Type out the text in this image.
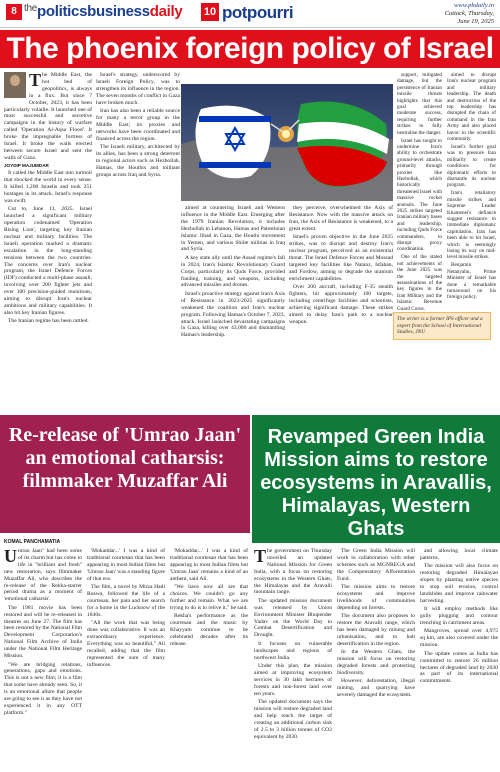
8 $^{the}$politicsbusinessdaily 10 potpourri	www.pbdaily.in
Cuttack, Thursday,
June 19, 2025
The phoenix foreign policy of Israel
T he Middle East, the hot bed of geopolitics, is always in a flux. But since 7 October, 2023, it has been particularly volatile. It launched one of most successful and secretive campaigns in the history of warfare called 'Operation Al-Aqsa Flood'. It broke the impregnable fortress of Israel. It broke the walls erected between secure Israel and sent the walls of Gaza.

JOYDIP MAJUMDAR

It called the Middle East into turmoil that shocked the world in every sense. It killed 1,200 Israelis and took 251 hostages in its attack. Israel's response was swift.

Cut to, June 13, 2025. Israel launched a significant military operation codenamed 'Operation Rising Lion', targeting key Iranian nuclear and military facilities. The Israeli operation marked a dramatic escalation in the long-standing tensions between the two countries. The concerns over Iran's nuclear program, the Israel Defence Forces (IDF) conducted a multi-phase assault, involving over 200 fighter jets and over 100 precision-guided munitions, aiming to disrupt Iran's nuclear ambitions and military capabilities. It also hit key Iranian figures.

The Iranian regime has been rattled.

Israel's strategy, underscored by Israeli Foreign Policy, was to strengthen its influence in the region. The seven months of conflict in Gaza have broken much.

Iran has also been a reliable source for many a terror group in the Middle East; its proxies and networks have been coordinated and financed across the region.

The Israeli military, architected by its allies, has been a strong deterrent to regional actors such as Hezbollah, Hamas, the Houthis and militant groups across Iraq and Syria.

aimed at countering Israeli and Western influence in the Middle East. Emerging after the 1979 Iranian Revolution, it includes Hezbollah in Lebanon, Hamas and Palestinian Islamic Jihad in Gaza, the Houthi movement in Yemen, and various Shiite militias in Iraq and Syria.

A key state ally until the Assad regime's fall in 2024, Iran's Islamic Revolutionary Guard Corps, particularly its Quds Force, provided funding, training, and weapons, including advanced missiles and drones.

Israel's proactive strategy against Iran's Axis of Resistance in 2023-2025 significantly weakened the coalition and Iran's nuclear program. Following Hamas's October 7, 2023, attack, Israel launched devastating campaigns in Gaza, killing over 43,000 and dismantling Hamas's leadership.

they perceive, overwhelmed the Axis of Resistance. Now with the massive attack on Iran, the Axis of Resistance is weakened, to a great extent.

Israel's proven objective in the June 2025 strikes, was to disrupt and destroy Iran's nuclear program, perceived as an existential threat. The Israel Defence Forces and Mossad targeted key facilities like Natanz, Isfahan, and Fordow, aiming to degrade the uranium enrichment capabilities.

Over 200 aircraft, including F-35 stealth fighters, hit approximately 100 targets, including centrifuge facilities and scientists, achieving significant damage. These strikes aimed to delay Iran's path to a nuclear weapon.

support, mitigated damage, but the persistence of Iranian missile threats highlights that this goal achieved moderate success, requiring further strikes to fully neutralise the danger.

Israel has sought to undermine Iran's ability to orchestrate ground-level attacks, primarily through proxies like Hezbollah, which historically threatened Israel with massive rocket arsenals. The June 2025 strikes targeted Iranian military bases and leadership, including Quds Force commanders, to disrupt proxy coordination.

One of the stated not achievements of the June 2025 was the targeted assassinations of the key figures in the Iran Military and the Islamic Revenue Guard Corps.

aimed to disrupt Iran's nuclear program and military leadership. The death and destruction of the top leadership has disrupted the chain of command in the Iran Army and also placed havoc in the scientific community.

Israel's further goal was to pressure Iran militarily to create conditions for diplomatic efforts to dismantle its nuclear program.

Iran's retaliatory missile strikes and Supreme Leader Khamenei's defiance suggest resistance to immediate diplomatic capitulation. Iran has been able to hit Israel, which is seemingly losing its way on mid-level missile strikes.

Benjamin Netanyahu, Prime Minister of Israel has done a remarkable turnaround on his foreign policy.

The writer is a former IPS officer and a expert from the School of International Studies, JNU
Re-release of 'Umrao Jaan' an emotional catharsis: filmmaker Muzaffar Ali
KOMAL PANCHAMATIA
U mrao Jaan" had been some of its charm but has come to life in "brilliant and fresh" new restoration, says filmmaker Muzaffar Ali, who describes the re-release of the Rekha-starrer period drama as a moment of 'emotional catharsis'.

The 1981 movie has been restored and will be re-released in theatres on June 27. The film has been restored by the National Film Development Corporation's National Film Archive of India under the National Film Heritage Mission.

"We are bridging relations, generations, gaps and emotions. This is not a new film; it is a film that some have already seen. So, it is an emotional allure that people are going to see it as they have not experienced it in any OTT platform."

'Mokaddar...' I was a kind of traditional courtesan that has been appearing in most Indian films but 'Umrao Jaan' was a standing figure of that era.

The film, a novel by Mirza Hadi Ruswa, followed the life of a courtesan, her pain and her search for a home in the Lucknow of the 1840s.

"All the work that was being done was collaborative. It was an extraordinary experience. Everything was so beautiful," Ali recalled, adding that the film represented the sum of many influences.

'Mokaddar...' I was a kind of traditional courtesan that has been appearing in most Indian films but 'Umrao Jaan' remains a kind of an anthem, said Ali.

"We have now all are that choices. We couldn't go any further and remain. What we are trying to do is to relive it," he said.

Rekha's performance as the courtesan and the music by Khayyam continue to be celebrated decades after its release.

Revamped Green India Mission aims to restore ecosystems in Aravallis, Himalayas, Western Ghats
T he government on Thursday unveiled an updated National Mission for Green India, with a focus on restoring ecosystems in the Western Ghats, the Himalayas and the Aravalli mountain range.

The updated mission document was released by Union Environment Minister Bhupender Yadav on the World Day to Combat Desertification and Drought.

It focuses on vulnerable landscapes and regions of northwest India.

Under this plan, the mission aimed at improving ecosystem services in 30 lakh hectares of forests and non-forest land over ten years.

The updated document says the mission will restore degraded land and help reach the target of creating an additional carbon sink of 2.5 to 3 billion tonnes of CO2 equivalent by 2030.

The Green India Mission will work in collaboration with other schemes such as MGNREGA and the Compensatory Afforestation Fund.

The mission aims to restore ecosystems and improve livelihoods of communities depending on forests.

The document also proposes to restore the Aravalli range, which has been damaged by mining and urbanisation, and to halt desertification in the region.

In the Western Ghats, the mission will focus on restoring degraded forests and protecting biodiversity.

However, deforestation, illegal mining, and quarrying have severely damaged the ecosystem.

and allowing local climate patterns.

The mission will also focus on restoring degraded Himalayan slopes by planting native species to stop soil erosion, control landslides and improve rainwater harvesting.

It will employ methods like gully plugging and contour trenching in catchment areas.

Mangroves, spread over 4,975 sq km, are also covered under the mission.

The update comes as India has committed to restore 26 million hectares of degraded land by 2030 as part of its international commitments.
